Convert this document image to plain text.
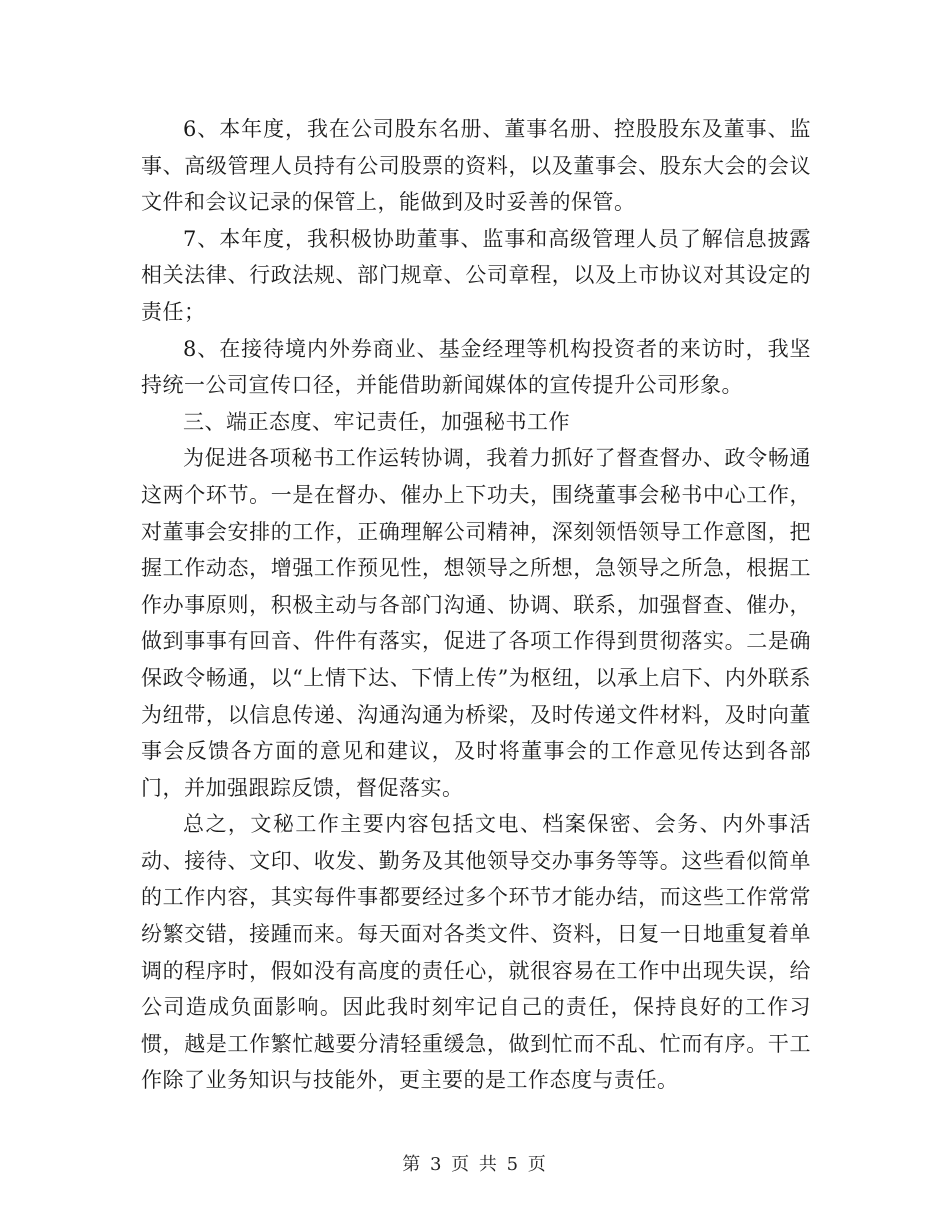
6、本年度，我在公司股东名册、董事名册、控股股东及董事、监事、高级管理人员持有公司股票的资料，以及董事会、股东大会的会议文件和会议记录的保管上，能做到及时妥善的保管。

7、本年度，我积极协助董事、监事和高级管理人员了解信息披露相关法律、行政法规、部门规章、公司章程，以及上市协议对其设定的责任；

8、在接待境内外券商业、基金经理等机构投资者的来访时，我坚持统一公司宣传口径，并能借助新闻媒体的宣传提升公司形象。

三、端正态度、牢记责任，加强秘书工作

为促进各项秘书工作运转协调，我着力抓好了督查督办、政令畅通这两个环节。一是在督办、催办上下功夫，围绕董事会秘书中心工作，对董事会安排的工作，正确理解公司精神，深刻领悟领导工作意图，把握工作动态，增强工作预见性，想领导之所想，急领导之所急，根据工作办事原则，积极主动与各部门沟通、协调、联系，加强督查、催办，做到事事有回音、件件有落实，促进了各项工作得到贯彻落实。二是确保政令畅通，以“上情下达、下情上传”为枢纽，以承上启下、内外联系为纽带，以信息传递、沟通沟通为桥梁，及时传递文件材料，及时向董事会反馈各方面的意见和建议，及时将董事会的工作意见传达到各部门，并加强跟踪反馈，督促落实。

总之，文秘工作主要内容包括文电、档案保密、会务、内外事活动、接待、文印、收发、勤务及其他领导交办事务等等。这些看似简单的工作内容，其实每件事都要经过多个环节才能办结，而这些工作常常纷繁交错，接踵而来。每天面对各类文件、资料，日复一日地重复着单调的程序时，假如没有高度的责任心，就很容易在工作中出现失误，给公司造成负面影响。因此我时刻牢记自己的责任，保持良好的工作习惯，越是工作繁忙越要分清轻重缓急，做到忙而不乱、忙而有序。干工作除了业务知识与技能外，更主要的是工作态度与责任。

第 3 页 共 5 页
